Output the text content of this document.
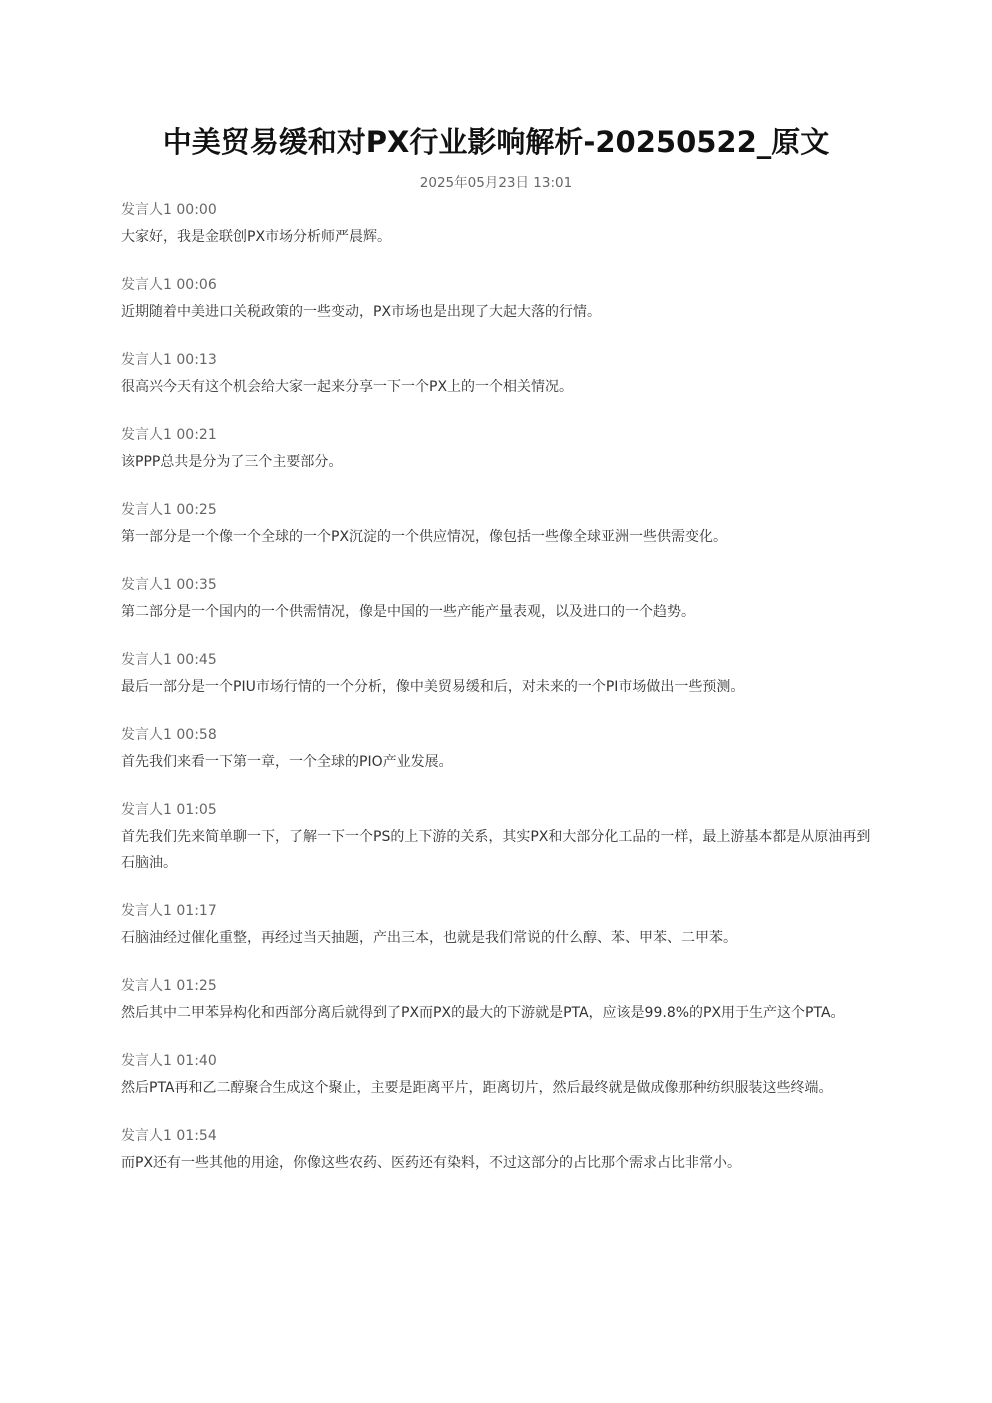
中美贸易缓和对PX行业影响解析-20250522_原文
2025年05月23日 13:01
发言人1 00:00
大家好，我是金联创PX市场分析师严晨辉。
发言人1 00:06
近期随着中美进口关税政策的一些变动，PX市场也是出现了大起大落的行情。
发言人1 00:13
很高兴今天有这个机会给大家一起来分享一下一个PX上的一个相关情况。
发言人1 00:21
该PPP总共是分为了三个主要部分。
发言人1 00:25
第一部分是一个像一个全球的一个PX沉淀的一个供应情况，像包括一些像全球亚洲一些供需变化。
发言人1 00:35
第二部分是一个国内的一个供需情况，像是中国的一些产能产量表观，以及进口的一个趋势。
发言人1 00:45
最后一部分是一个PIU市场行情的一个分析，像中美贸易缓和后，对未来的一个PI市场做出一些预测。
发言人1 00:58
首先我们来看一下第一章，一个全球的PIO产业发展。
发言人1 01:05
首先我们先来简单聊一下，了解一下一个PS的上下游的关系，其实PX和大部分化工品的一样，最上游基本都是从原油再到石脑油。
发言人1 01:17
石脑油经过催化重整，再经过当天抽题，产出三本，也就是我们常说的什么醇、苯、甲苯、二甲苯。
发言人1 01:25
然后其中二甲苯异构化和西部分离后就得到了PX而PX的最大的下游就是PTA，应该是99.8%的PX用于生产这个PTA。
发言人1 01:40
然后PTA再和乙二醇聚合生成这个聚止，主要是距离平片，距离切片，然后最终就是做成像那种纺织服装这些终端。
发言人1 01:54
而PX还有一些其他的用途，你像这些农药、医药还有染料，不过这部分的占比那个需求占比非常小。
